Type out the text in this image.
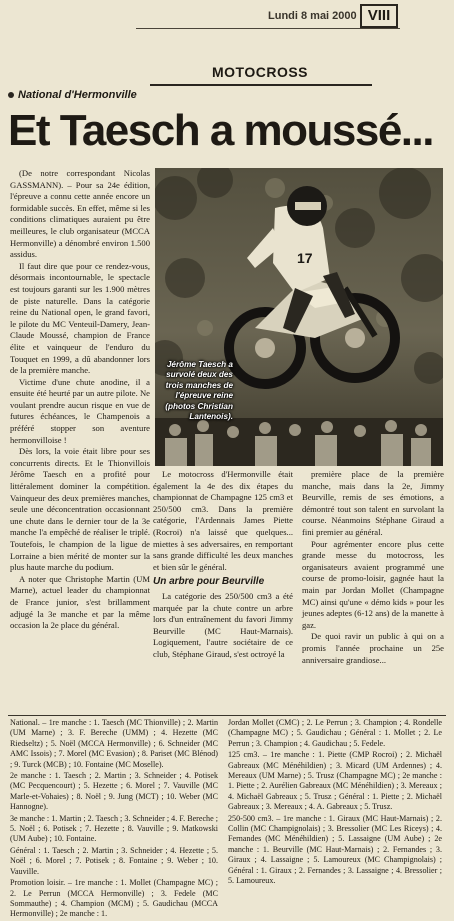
Lundi 8 mai 2000 VIII
MOTOCROSS
National d'Hermonville
Et Taesch a moussé...

(De notre correspondant Nicolas GASSMANN). – Pour sa 24e édition, l'épreuve a connu cette année encore un formidable succès. En effet, même si les conditions climatiques auraient pu être meilleures, le club organisateur (MCCA Hermonville) a dénombré environ 1.500 assidus.

Il faut dire que pour ce rendez-vous, désormais incontournable, le spectacle est toujours garanti sur les 1.900 mètres de piste naturelle. Dans la catégorie reine du National open, le grand favori, le pilote du MC Venteuil-Damery, Jean-Claude Moussé, champion de France élite et vainqueur de l'enduro du Touquet en 1999, a dû abandonner lors de la première manche.

Victime d'une chute anodine, il a ensuite été heurté par un autre pilote. Ne voulant prendre aucun risque en vue de futures échéances, le Champenois a préféré stopper son aventure hermonvilloise !

Dès lors, la voie était libre pour ses concurrents directs. Et le Thionvillois Jérôme Taesch en a profité pour littéralement dominer la compétition. Vainqueur des deux premières manches, seule une déconcentration occasionnant une chute dans le dernier tour de la 3e manche l'a empêché de réaliser le triplé. Toutefois, le champion de la ligue de Lorraine a bien mérité de monter sur la plus haute marche du podium.

A noter que Christophe Martin (UM Marne), actuel leader du championnat de France junior, s'est brillamment adjugé la 3e manche et par la même occasion la 2e place du général.

17
Jérôme Taesch a survolé deux des trois manches de l'épreuve reine (photos Christian Lantenois).

Le motocross d'Hermonville était également la 4e des dix étapes du championnat de Champagne 125 cm3 et 250/500 cm3. Dans la première catégorie, l'Ardennais James Piette (Rocroi) n'a laissé que quelques... miettes à ses adversaires, en remportant sans grande difficulté les deux manches et bien sûr le général.

Un arbre pour Beurville

La catégorie des 250/500 cm3 a été marquée par la chute contre un arbre lors d'un entraînement du favori Jimmy Beurville (MC Haut-Marnais). Logiquement, l'autre sociétaire de ce club, Stéphane Giraud, s'est octroyé la

première place de la première manche, mais dans la 2e, Jimmy Beurville, remis de ses émotions, a démontré tout son talent en survolant la course. Néanmoins Stéphane Giraud a fini premier au général.

Pour agrémenter encore plus cette grande messe du motocross, les organisateurs avaient programmé une course de promo-loisir, gagnée haut la main par Jordan Mollet (Champagne MC) ainsi qu'une « démo kids » pour les jeunes adeptes (6-12 ans) de la manette à gaz.

De quoi ravir un public à qui on a promis l'année prochaine un 25e anniversaire grandiose...

National. – 1re manche : 1. Taesch (MC Thionville) ; 2. Martin (UM Marne) ; 3. F. Bereche (UMM) ; 4. Hezette (MC Riedseltz) ; 5. Noël (MCCA Hermonville) ; 6. Schneider (MC AMC Issois) ; 7. Morel (MC Evasion) ; 8. Pariset (MC Blénod) ; 9. Turck (MCB) ; 10. Fontaine (MC Moselle).

2e manche : 1. Taesch ; 2. Martin ; 3. Schneider ; 4. Potisek (MC Pecquencourt) ; 5. Hezette ; 6. Morel ; 7. Vauville (MC Marle-et-Vohaies) ; 8. Noël ; 9. Jung (MCT) ; 10. Weber (MC Hannogne).

3e manche : 1. Martin ; 2. Taesch ; 3. Schneider ; 4. F. Bereche ; 5. Noël ; 6. Potisek ; 7. Hezette ; 8. Vauville ; 9. Matkowski (UM Aube) ; 10. Fontaine.

Général : 1. Taesch ; 2. Martin ; 3. Schneider ; 4. Hezette ; 5. Noël ; 6. Morel ; 7. Potisek ; 8. Fontaine ; 9. Weber ; 10. Vauville.

Promotion loisir. – 1re manche : 1. Mollet (Champagne MC) ; 2. Le Perrun (MCCA Hermonville) ; 3. Fedele (MC Sommauthe) ; 4. Champion (MCM) ; 5. Gaudichau (MCCA Hermonville) ; 2e manche : 1.

Jordan Mollet (CMC) ; 2. Le Perrun ; 3. Champion ; 4. Rondelle (Champagne MC) ; 5. Gaudichau ; Général : 1. Mollet ; 2. Le Perrun ; 3. Champion ; 4. Gaudichau ; 5. Fedele.

125 cm3. – 1re manche : 1. Piette (CMP Rocroi) ; 2. Michaël Gabreaux (MC Ménéhildien) ; 3. Micard (UM Ardennes) ; 4. Mereaux (UM Marne) ; 5. Trusz (Champagne MC) ; 2e manche : 1. Piette ; 2. Aurélien Gabreaux (MC Ménéhildien) ; 3. Mereaux ; 4. Michaël Gabreaux ; 5. Trusz ; Général : 1. Piette ; 2. Michaël Gabreaux ; 3. Mereaux ; 4. A. Gabreaux ; 5. Trusz.

250-500 cm3. – 1re manche : 1. Giraux (MC Haut-Marnais) ; 2. Collin (MC Champignolais) ; 3. Bressolier (MC Les Riceys) ; 4. Fernandes (MC Ménéhildien) ; 5. Lassaigne (UM Aube) ; 2e manche : 1. Beurville (MC Haut-Marnais) ; 2. Fernandes ; 3. Giraux ; 4. Lassaigne ; 5. Lamoureux (MC Champignolais) ; Général : 1. Giraux ; 2. Fernandes ; 3. Lassaigne ; 4. Bressolier ; 5. Lamoureux.
